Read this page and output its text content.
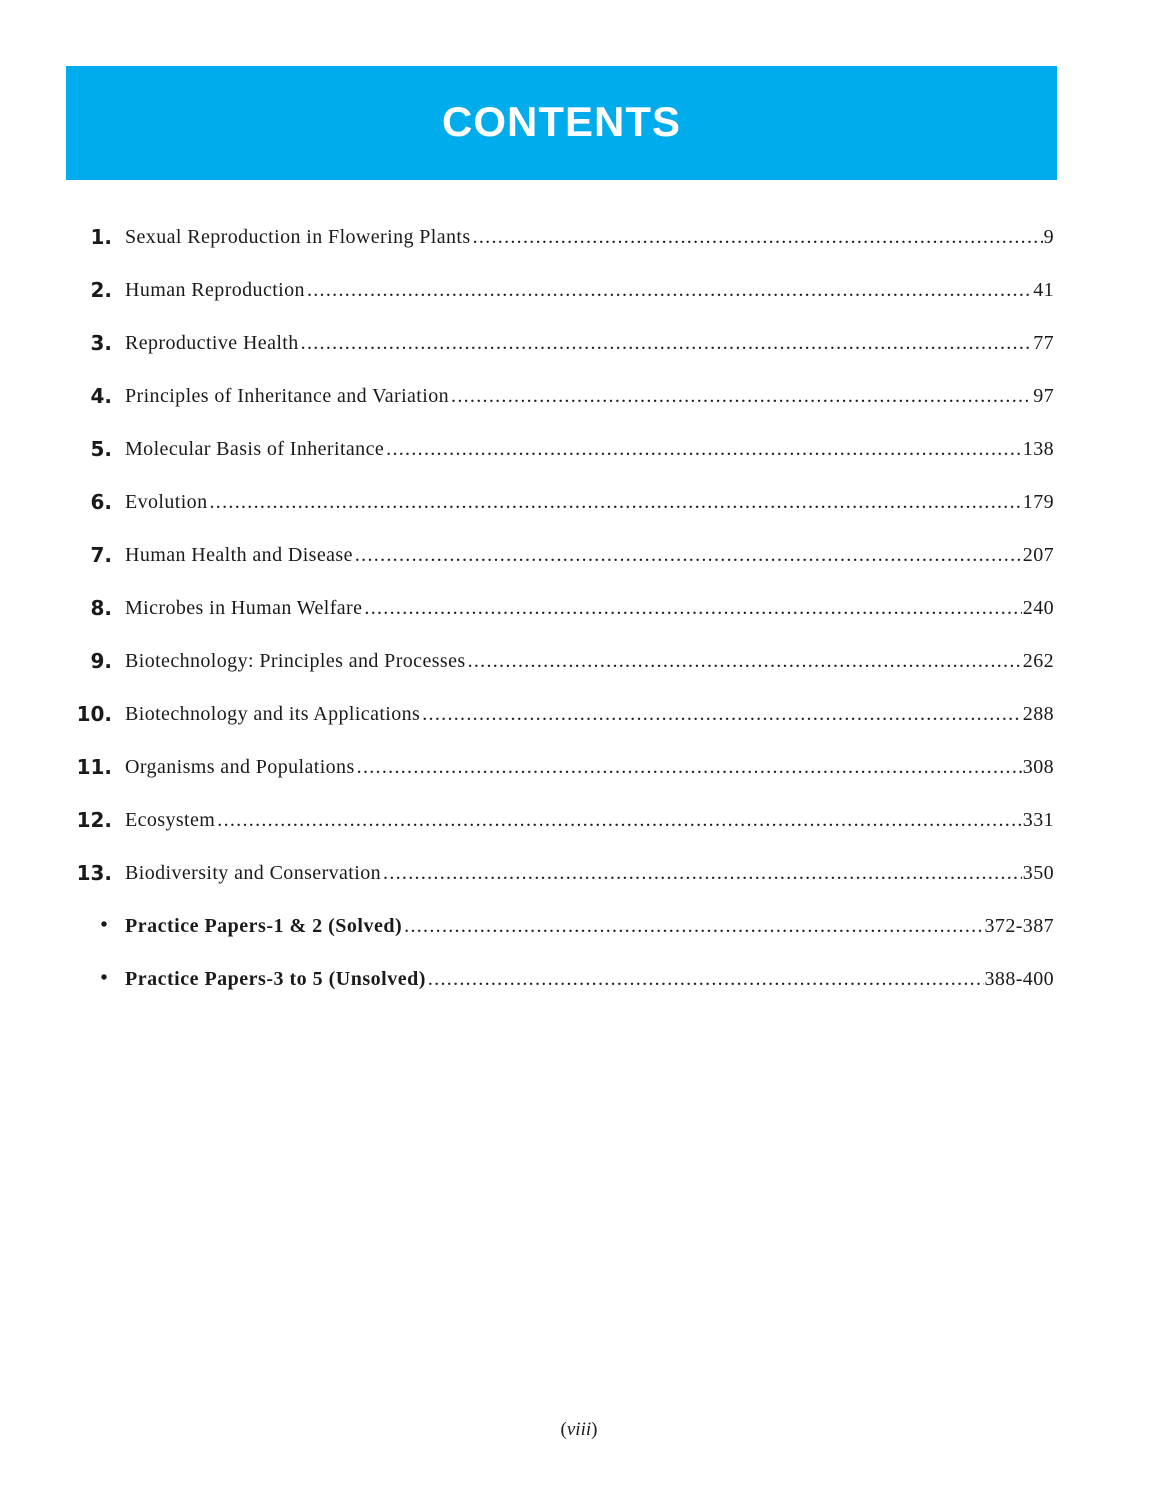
CONTENTS
1. Sexual Reproduction in Flowering Plants .....	9
2. Human Reproduction .....	41
3. Reproductive Health .....	77
4. Principles of Inheritance and Variation .....	97
5. Molecular Basis of Inheritance .....	138
6. Evolution .....	179
7. Human Health and Disease .....	207
8. Microbes in Human Welfare .....	240
9. Biotechnology: Principles and Processes .....	262
10. Biotechnology and its Applications .....	288
11. Organisms and Populations .....	308
12. Ecosystem .....	331
13. Biodiversity and Conservation .....	350
• Practice Papers-1 & 2 (Solved) .....	372-387
• Practice Papers-3 to 5 (Unsolved) .....	388-400
(viii)
